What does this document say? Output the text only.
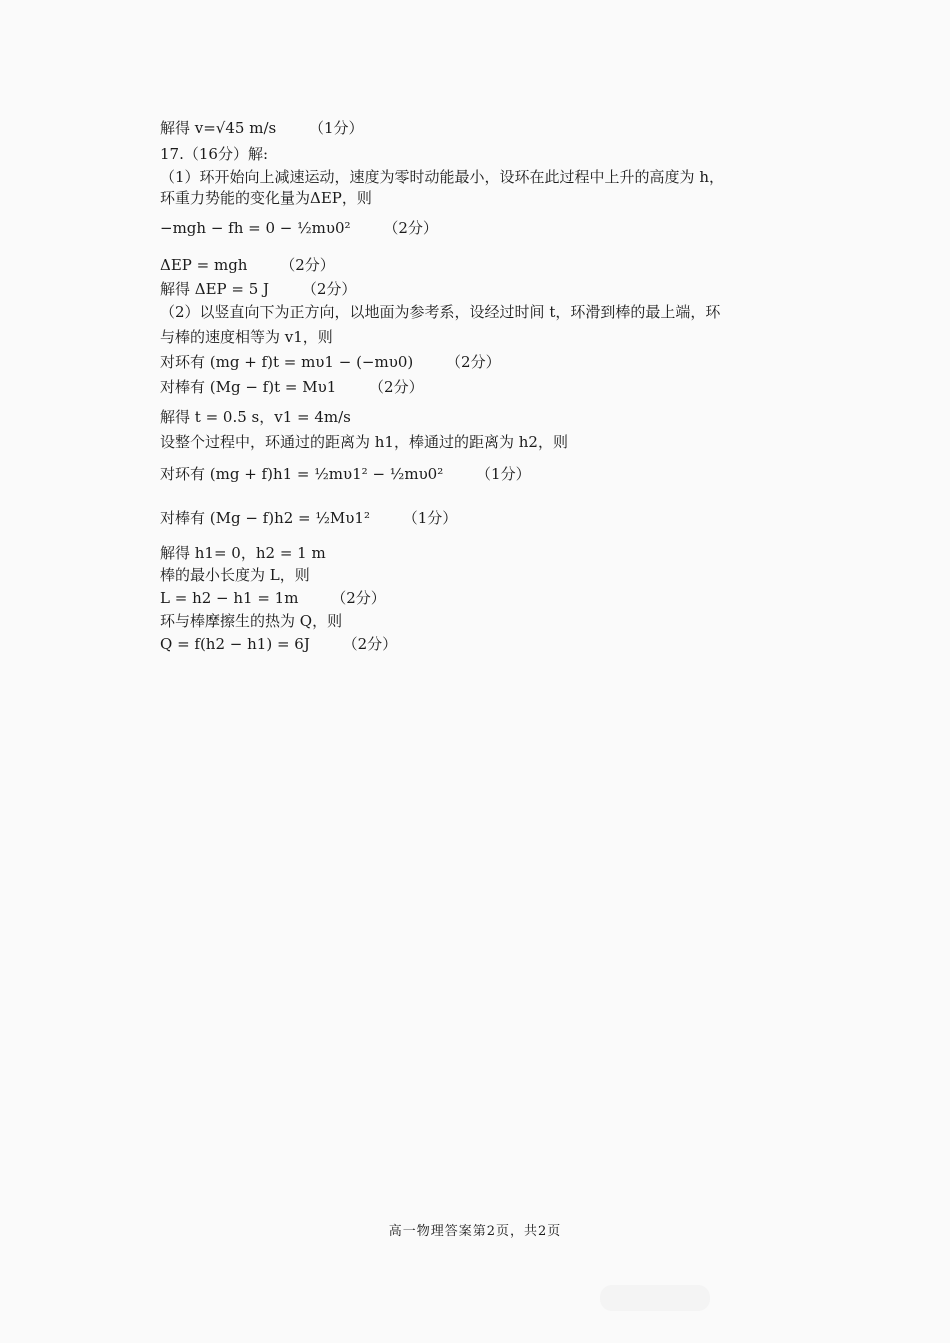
解得 v=√45 m/s （1分）
17.（16分）解:
（1）环开始向上减速运动，速度为零时动能最小，设环在此过程中上升的高度为 h，
环重力势能的变化量为ΔEP，则
−mgh − fh = 0 − ½mυ0² （2分）
ΔEP = mgh （2分）
解得 ΔEP = 5 J （2分）
（2）以竖直向下为正方向，以地面为参考系，设经过时间 t，环滑到棒的最上端，环
与棒的速度相等为 v1，则
对环有 (mg + f)t = mυ1 − (−mυ0) （2分）
对棒有 (Mg − f)t = Mυ1 （2分）
解得 t = 0.5 s，v1 = 4m/s
设整个过程中，环通过的距离为 h1，棒通过的距离为 h2，则
对环有 (mg + f)h1 = ½mυ1² − ½mυ0² （1分）
对棒有 (Mg − f)h2 = ½Mυ1² （1分）
解得 h1= 0，h2 = 1 m
棒的最小长度为 L，则
L = h2 − h1 = 1m （2分）
环与棒摩擦生的热为 Q，则
Q = f(h2 − h1) = 6J （2分）
高一物理答案第2页，共2页
